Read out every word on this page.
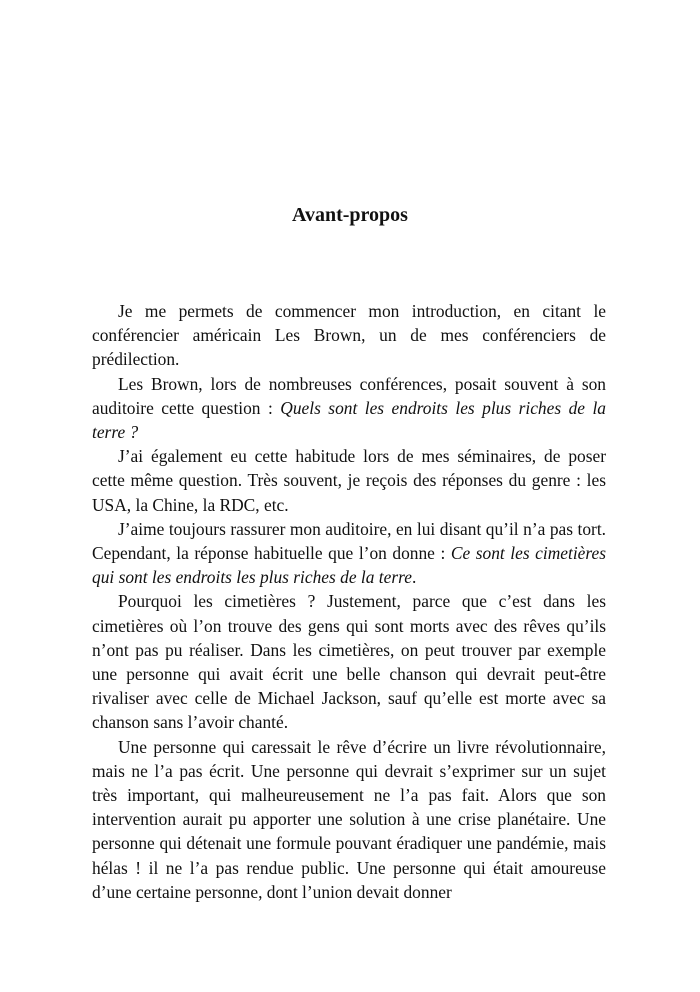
Avant-propos

Je me permets de commencer mon introduction, en citant le conférencier américain Les Brown, un de mes conférenciers de prédilection.

Les Brown, lors de nombreuses conférences, posait souvent à son auditoire cette question : Quels sont les endroits les plus riches de la terre ?

J’ai également eu cette habitude lors de mes séminaires, de poser cette même question. Très souvent, je reçois des réponses du genre : les USA, la Chine, la RDC, etc.

J’aime toujours rassurer mon auditoire, en lui disant qu’il n’a pas tort. Cependant, la réponse habituelle que l’on donne : Ce sont les cimetières qui sont les endroits les plus riches de la terre.

Pourquoi les cimetières ? Justement, parce que c’est dans les cimetières où l’on trouve des gens qui sont morts avec des rêves qu’ils n’ont pas pu réaliser. Dans les cimetières, on peut trouver par exemple une personne qui avait écrit une belle chanson qui devrait peut-être rivaliser avec celle de Michael Jackson, sauf qu’elle est morte avec sa chanson sans l’avoir chanté.

Une personne qui caressait le rêve d’écrire un livre révolutionnaire, mais ne l’a pas écrit. Une personne qui devrait s’exprimer sur un sujet très important, qui malheureusement ne l’a pas fait. Alors que son intervention aurait pu apporter une solution à une crise planétaire. Une personne qui détenait une formule pouvant éradiquer une pandémie, mais hélas ! il ne l’a pas rendue public. Une personne qui était amoureuse d’une certaine personne, dont l’union devait donner
